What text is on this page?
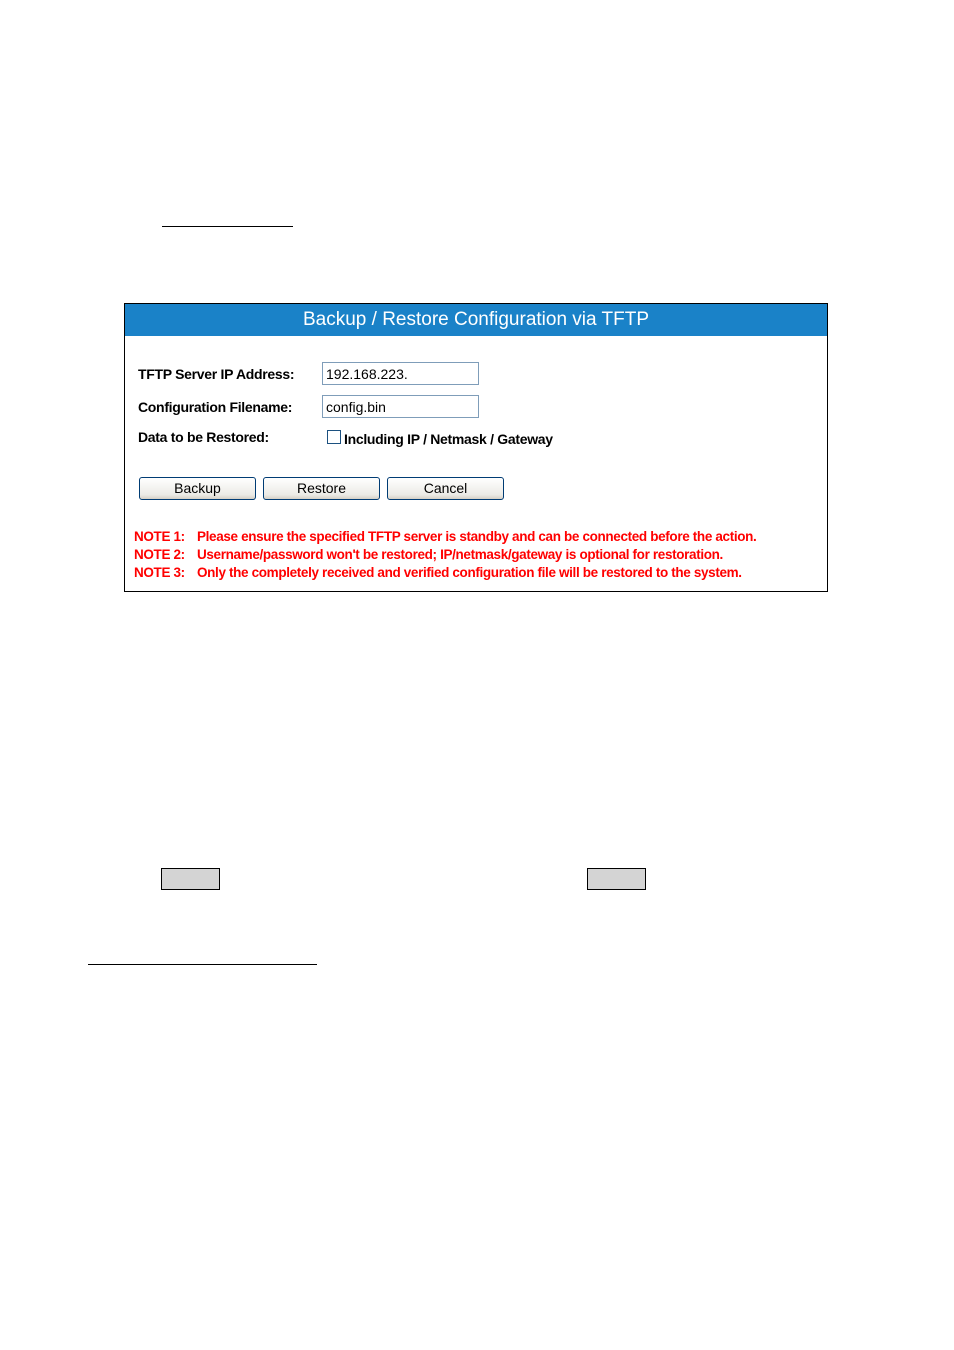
Backup / Restore Configuration via TFTP
TFTP Server IP Address:
192.168.223.
Configuration Filename:
config.bin
Data to be Restored:	Including IP / Netmask / Gateway
Backup	Restore	Cancel
NOTE 1: Please ensure the specified TFTP server is standby and can be connected before the action.
NOTE 2: Username/password won't be restored; IP/netmask/gateway is optional for restoration.
NOTE 3: Only the completely received and verified configuration file will be restored to the system.
